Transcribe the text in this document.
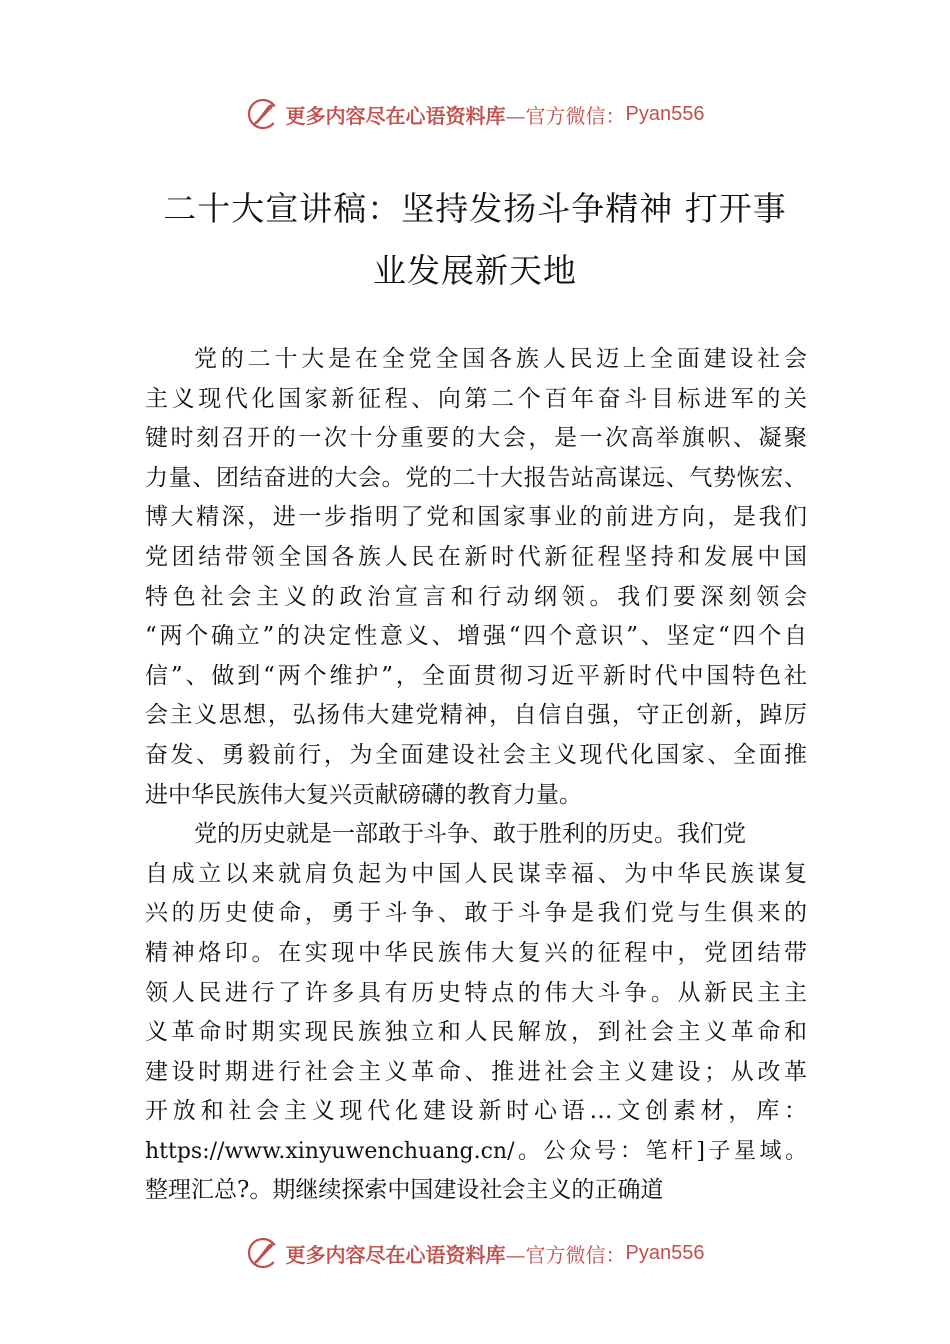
更多内容尽在心语资料库 —官方微信： Pyan556
二十大宣讲稿：坚持发扬斗争精神 打开事
业发展新天地
党的二十大是在全党全国各族人民迈上全面建设社会
主义现代化国家新征程、向第二个百年奋斗目标进军的关
键时刻召开的一次十分重要的大会，是一次高举旗帜、凝聚
力量、团结奋进的大会。党的二十大报告站高谋远、气势恢宏、
博大精深，进一步指明了党和国家事业的前进方向，是我们
党团结带领全国各族人民在新时代新征程坚持和发展中国
特色社会主义的政治宣言和行动纲领。我们要深刻领会
“两个确立”的决定性意义、增强“四个意识”、坚定“四个自
信”、做到“两个维护”，全面贯彻习近平新时代中国特色社
会主义思想，弘扬伟大建党精神，自信自强，守正创新，踔厉
奋发、勇毅前行，为全面建设社会主义现代化国家、全面推
进中华民族伟大复兴贡献磅礴的教育力量。
党的历史就是一部敢于斗争、敢于胜利的历史。我们党
自成立以来就肩负起为中国人民谋幸福、为中华民族谋复
兴的历史使命，勇于斗争、敢于斗争是我们党与生俱来的
精神烙印。在实现中华民族伟大复兴的征程中，党团结带
领人民进行了许多具有历史特点的伟大斗争。从新民主主
义革命时期实现民族独立和人民解放，到社会主义革命和
建设时期进行社会主义革命、推进社会主义建设；从改革
开放和社会主义现代化建设新时心语…文创素材，库：
https://www.xinyuwenchuang.cn/。公众号：笔杆]子星域。
整理汇总?。期继续探索中国建设社会主义的正确道
更多内容尽在心语资料库 —官方微信： Pyan556
